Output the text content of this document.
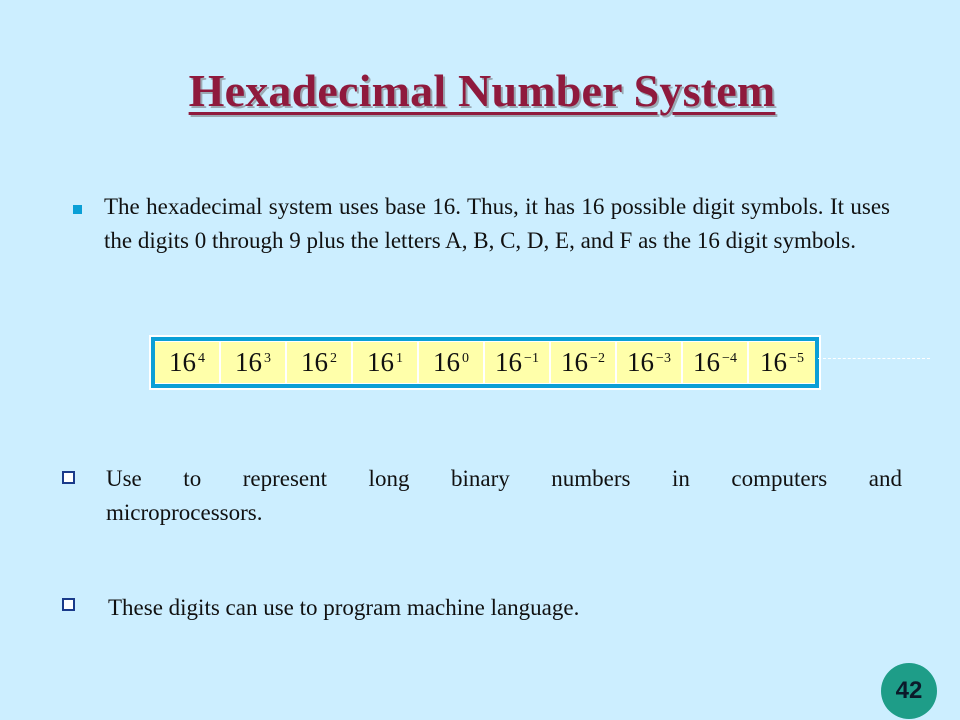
Hexadecimal Number System
The hexadecimal system uses base 16. Thus, it has 16 possible digit symbols. It uses the digits 0 through 9 plus the letters A, B, C, D, E, and F as the 16 digit symbols.
$16^4$ $16^3$ $16^2$ $16^1$ $16^0$ $16^{-1}$ $16^{-2}$ $16^{-3}$ $16^{-4}$ $16^{-5}$
Use to represent long binary numbers in computers and
microprocessors.
These digits can use to program machine language.
42
